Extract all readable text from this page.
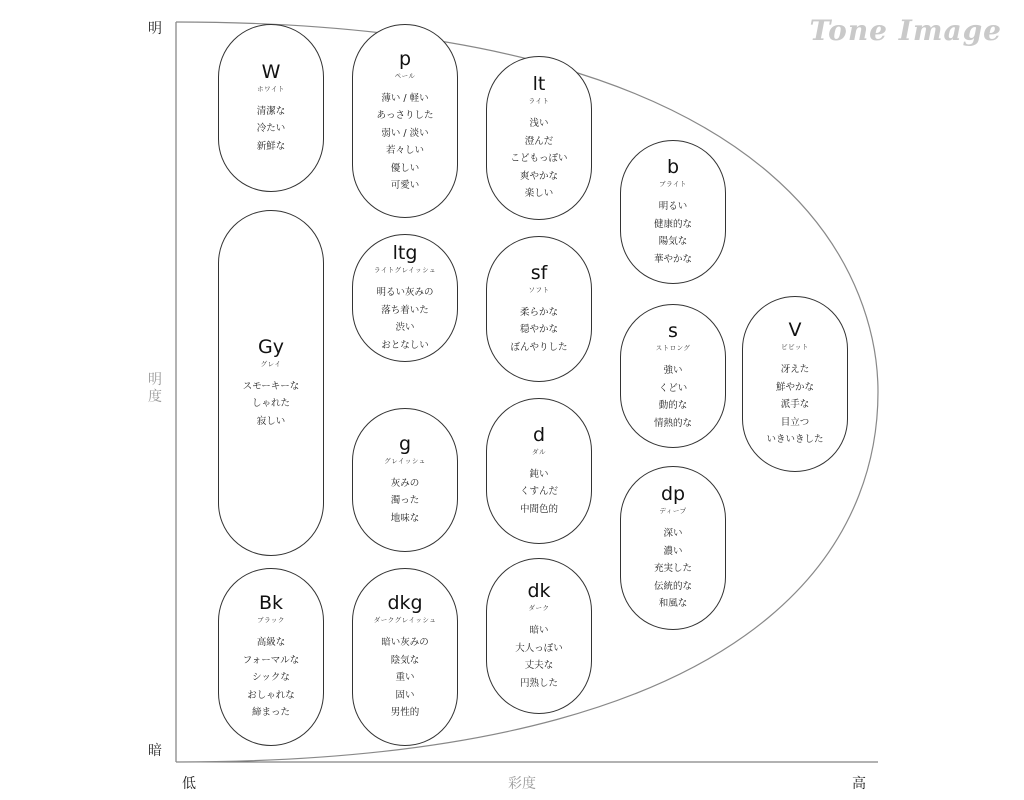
Tone Image
明
暗
明度
低	彩度	高
W
ホワイト
清潔な
冷たい
新鮮な
p
ペール
薄い / 軽い
あっさりした
弱い / 淡い
若々しい
優しい
可愛い
lt
ライト
浅い
澄んだ
こどもっぽい
爽やかな
楽しい
b
ブライト
明るい
健康的な
陽気な
華やかな
Gy
グレイ
スモーキーな
しゃれた
寂しい
ltg
ライトグレイッシュ
明るい灰みの
落ち着いた
渋い
おとなしい
sf
ソフト
柔らかな
穏やかな
ぼんやりした
s
ストロング
強い
くどい
動的な
情熱的な
V
ビビット
冴えた
鮮やかな
派手な
目立つ
いきいきした
g
グレイッシュ
灰みの
濁った
地味な
d
ダル
鈍い
くすんだ
中間色的
dp
ディープ
深い
濃い
充実した
伝統的な
和風な
Bk
ブラック
高級な
フォーマルな
シックな
おしゃれな
締まった
dkg
ダークグレイッシュ
暗い灰みの
陰気な
重い
固い
男性的
dk
ダーク
暗い
大人っぽい
丈夫な
円熟した
